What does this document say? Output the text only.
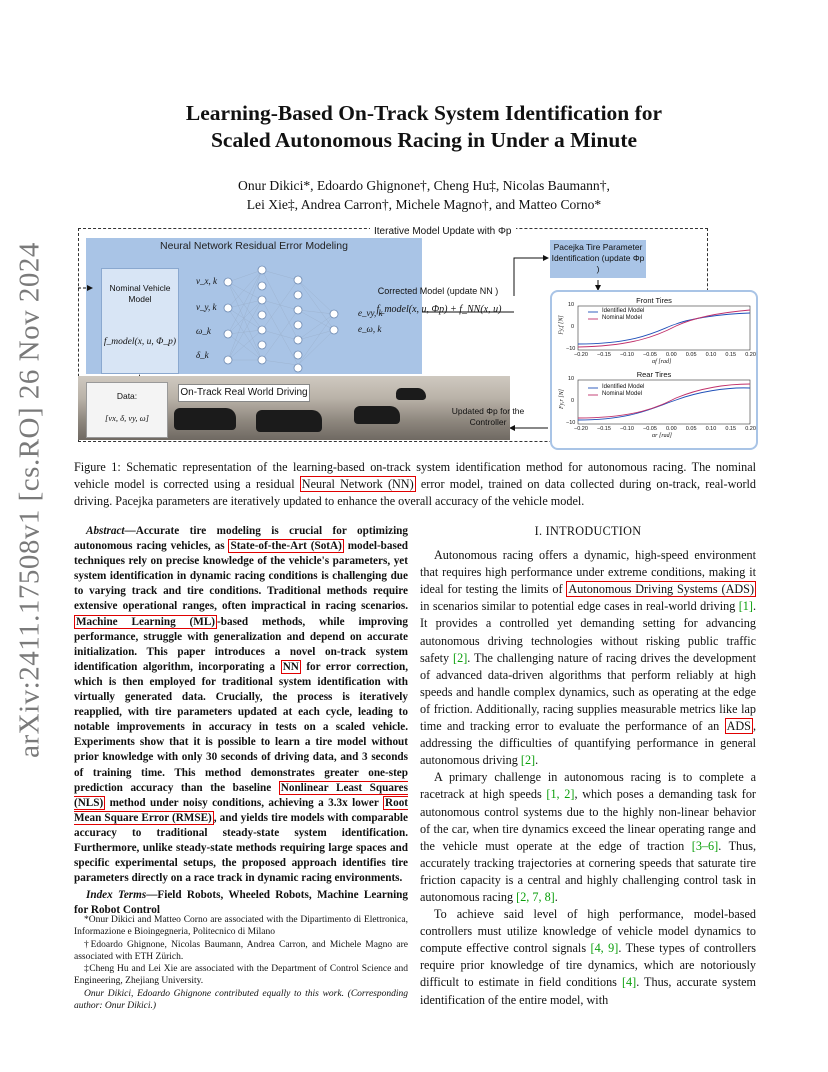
arXiv:2411.17508v1 [cs.RO] 26 Nov 2024
Learning-Based On-Track System Identification for
Scaled Autonomous Racing in Under a Minute
Onur Dikici*, Edoardo Ghignone†, Cheng Hu‡, Nicolas Baumann†,
Lei Xie‡, Andrea Carron†, Michele Magno†, and Matteo Corno*
Iterative Model Update with Φp
Neural Network Residual Error Modeling
Nominal Vehicle Model
f_model(x, u, Φ_p)
v_x, k
v_y, k
ω_k
δ_k
e_vy, k
e_ω, k
Pacejka Tire Parameter Identification (update Φp )
Corrected Model (update NN )
f_model(x, u, Φp) + f_NN(x, u)
Data:
[vx, δ, vy, ω]
On-Track Real World Driving
Updated Φp for the Controller
Front Tires
Rear Tires
Identified Model
Nominal Model
Identified Model
Nominal Model
Fy,f [N]
Fy,r [N]
10
0
−10
10
0
−10
−0.20 −0.15 −0.10 −0.05 0.00 0.05 0.10 0.15 0.20
αf [rad]
−0.20 −0.15 −0.10 −0.05 0.00 0.05 0.10 0.15 0.20
αr [rad]
Figure 1: Schematic representation of the learning-based on-track system identification method for autonomous racing. The nominal vehicle model is corrected using a residual Neural Network (NN) error model, trained on data collected during on-track, real-world driving. Pacejka parameters are iteratively updated to enhance the overall accuracy of the vehicle model.
Abstract—Accurate tire modeling is crucial for optimizing autonomous racing vehicles, as State-of-the-Art (SotA) model-based techniques rely on precise knowledge of the vehicle's parameters, yet system identification in dynamic racing conditions is challenging due to varying track and tire conditions. Traditional methods require extensive operational ranges, often impractical in racing scenarios. Machine Learning (ML) -based methods, while improving performance, struggle with generalization and depend on accurate initialization. This paper introduces a novel on-track system identification algorithm, incorporating a NN for error correction, which is then employed for traditional system identification with virtually generated data. Crucially, the process is iteratively reapplied, with tire parameters updated at each cycle, leading to notable improvements in accuracy in tests on a scaled vehicle. Experiments show that it is possible to learn a tire model without prior knowledge with only 30 seconds of driving data, and 3 seconds of training time. This method demonstrates greater one-step prediction accuracy than the baseline Nonlinear Least Squares (NLS) method under noisy conditions, achieving a 3.3x lower Root Mean Square Error (RMSE) , and yields tire models with comparable accuracy to traditional steady-state system identification. Furthermore, unlike steady-state methods requiring large spaces and specific experimental setups, the proposed approach identifies tire parameters directly on a race track in dynamic racing environments.
Index Terms—Field Robots, Wheeled Robots, Machine Learning for Robot Control

*Onur Dikici and Matteo Corno are associated with the Dipartimento di Elettronica, Informazione e Bioingegneria, Politecnico di Milano

†Edoardo Ghignone, Nicolas Baumann, Andrea Carron, and Michele Magno are associated with ETH Zürich.

‡Cheng Hu and Lei Xie are associated with the Department of Control Science and Engineering, Zhejiang University.

Onur Dikici, Edoardo Ghignone contributed equally to this work. (Corresponding author: Onur Dikici.)

I. INTRODUCTION

Autonomous racing offers a dynamic, high-speed environment that requires high performance under extreme conditions, making it ideal for testing the limits of Autonomous Driving Systems (ADS) in scenarios similar to potential edge cases in real-world driving [1]. It provides a controlled yet demanding setting for advancing autonomous driving technologies without risking public traffic safety [2]. The challenging nature of racing drives the development of advanced data-driven algorithms that perform reliably at high speeds and handle complex dynamics, such as operating at the edge of friction. Additionally, racing supplies measurable metrics like lap time and tracking error to evaluate the performance of an ADS , addressing the difficulties of quantifying performance in general autonomous driving [2].

A primary challenge in autonomous racing is to complete a racetrack at high speeds [1, 2], which poses a demanding task for autonomous control systems due to the highly non-linear behavior of the car, when tire dynamics exceed the linear operating range and the vehicle must operate at the edge of traction [3–6]. Thus, accurately tracking trajectories at cornering speeds that saturate tire friction capacity is a central and highly challenging control task in autonomous racing [2, 7, 8].

To achieve said level of high performance, model-based controllers must utilize knowledge of vehicle model dynamics to compute effective control signals [4, 9]. These types of controllers require prior knowledge of tire dynamics, which are notoriously difficult to estimate in field conditions [4]. Thus, accurate system identification of the entire model, with
